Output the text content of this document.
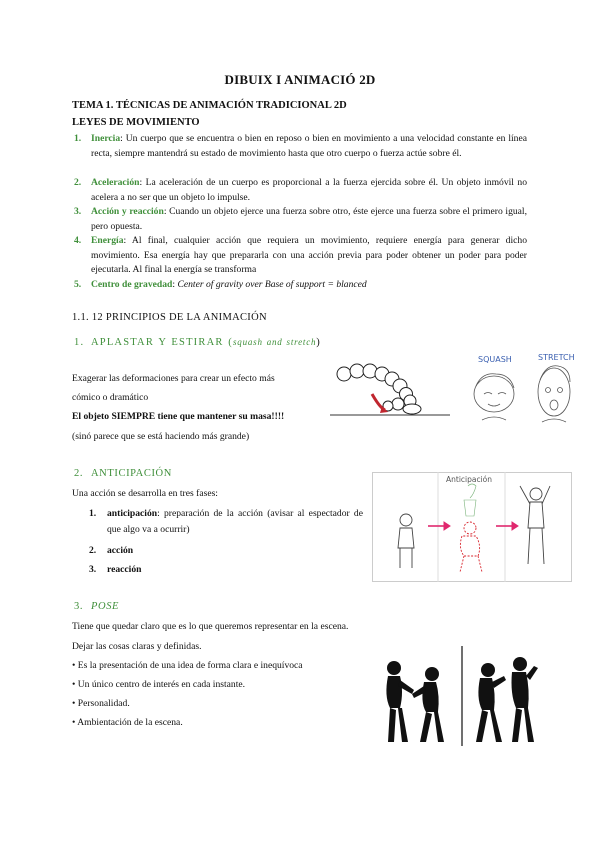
DIBUIX I ANIMACIÓ 2D
TEMA 1. TÉCNICAS DE ANIMACIÓN TRADICIONAL 2D
LEYES DE MOVIMIENTO
1. Inercia: Un cuerpo que se encuentra o bien en reposo o bien en movimiento a una velocidad constante en línea recta, siempre mantendrá su estado de movimiento hasta que otro cuerpo o fuerza actúe sobre él.
2. Aceleración: La aceleración de un cuerpo es proporcional a la fuerza ejercida sobre él. Un objeto inmóvil no acelera a no ser que un objeto lo impulse.
3. Acción y reacción: Cuando un objeto ejerce una fuerza sobre otro, éste ejerce una fuerza sobre el primero igual, pero opuesta.
4. Energía: Al final, cualquier acción que requiera un movimiento, requiere energía para generar dicho movimiento. Esa energía hay que prepararla con una acción previa para poder obtener un poder para poder ejecutarla. Al final la energía se transforma
5. Centro de gravedad: Center of gravity over Base of support = blanced
1.1. 12 PRINCIPIOS DE LA ANIMACIÓN
1. APLASTAR Y ESTIRAR (squash and stretch)
Exagerar las deformaciones para crear un efecto más
cómico o dramático
El objeto SIEMPRE tiene que mantener su masa!!!!
(sinó parece que se está haciendo más grande)
SQUASH	STRETCH
2. ANTICIPACIÓN
Una acción se desarrolla en tres fases:
1. anticipación: preparación de la acción (avisar al espectador de que algo va a ocurrir)
2. acción
3. reacción
Anticipación
3. POSE
Tiene que quedar claro que es lo que queremos representar en la escena.
Dejar las cosas claras y definidas.
• Es la presentación de una idea de forma clara e inequívoca
• Un único centro de interés en cada instante.
• Personalidad.
• Ambientación de la escena.
